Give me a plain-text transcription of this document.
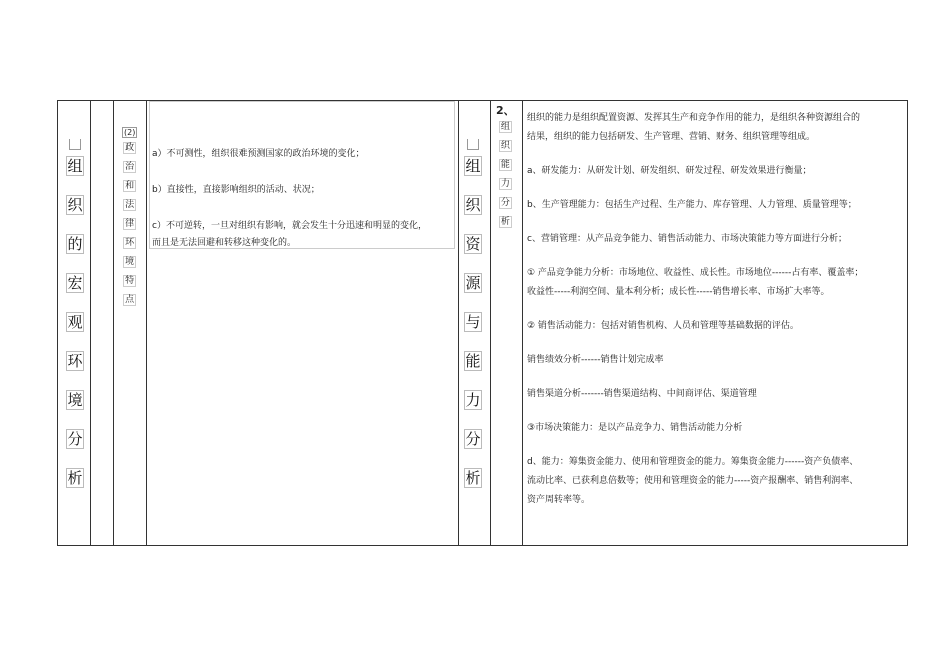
组
织
的
宏
观
环
境
分
析
(2)
政
治
和
法
律
环
境
特
点
a）不可测性，组织很难预测国家的政治环境的变化；
b）直接性，直接影响组织的活动、状况；
c）不可逆转，一旦对组织有影响，就会发生十分迅速和明显的变化，
而且是无法回避和转移这种变化的。
组
织
资
源
与
能
力
分
析
2、
组
织
能
力
分
析

组织的能力是组织配置资源、发挥其生产和竞争作用的能力，是组织各种资源组合的

结果，组织的能力包括研发、生产管理、营销、财务、组织管理等组成。

a、研发能力：从研发计划、研发组织、研发过程、研发效果进行衡量；

b、生产管理能力：包括生产过程、生产能力、库存管理、人力管理、质量管理等；

c、营销管理：从产品竞争能力、销售活动能力、市场决策能力等方面进行分析；

① 产品竞争能力分析：市场地位、收益性、成长性。市场地位------占有率、覆盖率；

收益性-----利润空间、量本利分析；成长性-----销售增长率、市场扩大率等。

② 销售活动能力：包括对销售机构、人员和管理等基础数据的评估。

销售绩效分析------销售计划完成率

销售渠道分析-------销售渠道结构、中间商评估、渠道管理

③市场决策能力：是以产品竞争力、销售活动能力分析

d、能力：筹集资金能力、使用和管理资金的能力。筹集资金能力------资产负债率、

流动比率、已获利息倍数等；使用和管理资金的能力-----资产报酬率、销售利润率、

资产周转率等。
